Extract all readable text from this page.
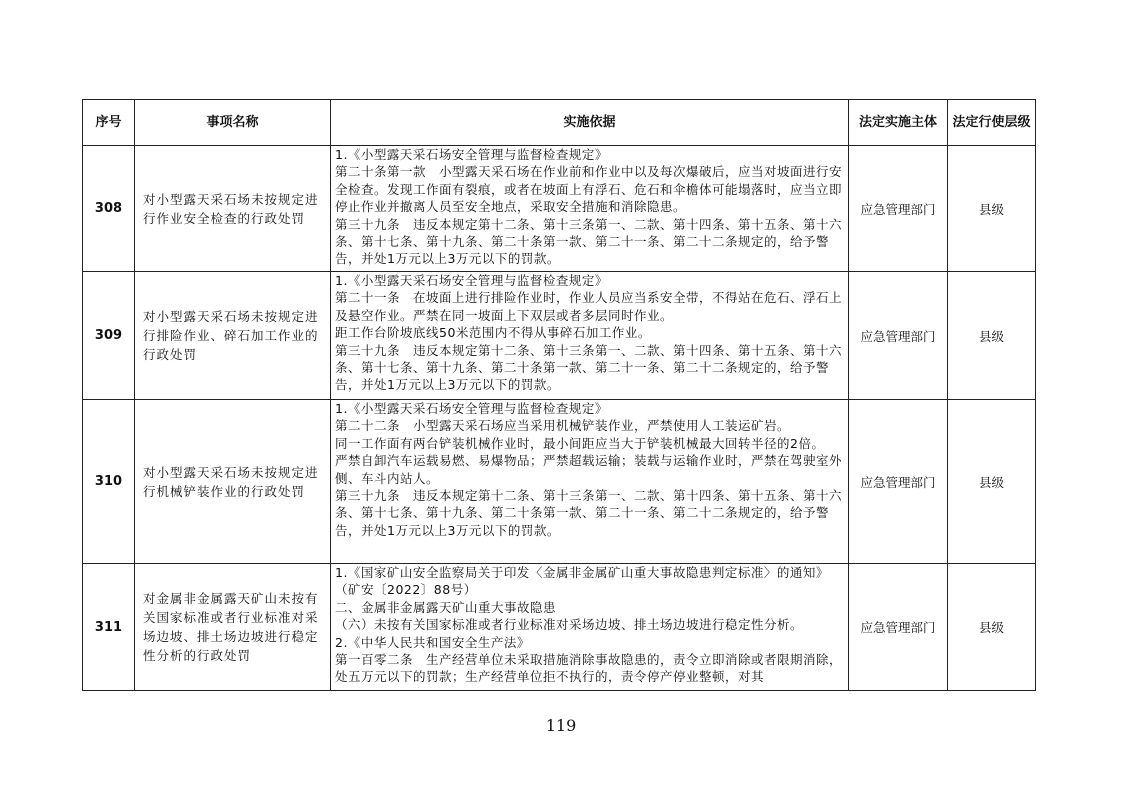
序号	事项名称	实施依据	法定实施主体	法定行使层级
308	对小型露天采石场未按规定进行作业安全检查的行政处罚	1.《小型露天采石场安全管理与监督检查规定》

第二十条第一款　小型露天采石场在作业前和作业中以及每次爆破后，应当对坡面进行安全检查。发现工作面有裂痕，或者在坡面上有浮石、危石和伞檐体可能塌落时，应当立即停止作业并撤离人员至安全地点，采取安全措施和消除隐患。

第三十九条　违反本规定第十二条、第十三条第一、二款、第十四条、第十五条、第十六条、第十七条、第十九条、第二十条第一款、第二十一条、第二十二条规定的，给予警告，并处1万元以上3万元以下的罚款。	应急管理部门	县级
309	对小型露天采石场未按规定进行排险作业、碎石加工作业的行政处罚	1.《小型露天采石场安全管理与监督检查规定》

第二十一条　在坡面上进行排险作业时，作业人员应当系安全带，不得站在危石、浮石上及悬空作业。严禁在同一坡面上下双层或者多层同时作业。

距工作台阶坡底线50米范围内不得从事碎石加工作业。

第三十九条　违反本规定第十二条、第十三条第一、二款、第十四条、第十五条、第十六条、第十七条、第十九条、第二十条第一款、第二十一条、第二十二条规定的，给予警告，并处1万元以上3万元以下的罚款。	应急管理部门	县级
310	对小型露天采石场未按规定进行机械铲装作业的行政处罚	1.《小型露天采石场安全管理与监督检查规定》

第二十二条　小型露天采石场应当采用机械铲装作业，严禁使用人工装运矿岩。

同一工作面有两台铲装机械作业时，最小间距应当大于铲装机械最大回转半径的2倍。

严禁自卸汽车运载易燃、易爆物品；严禁超载运输；装载与运输作业时，严禁在驾驶室外侧、车斗内站人。

第三十九条　违反本规定第十二条、第十三条第一、二款、第十四条、第十五条、第十六条、第十七条、第十九条、第二十条第一款、第二十一条、第二十二条规定的，给予警告，并处1万元以上3万元以下的罚款。	应急管理部门	县级
311	对金属非金属露天矿山未按有关国家标准或者行业标准对采场边坡、排土场边坡进行稳定性分析的行政处罚	1.《国家矿山安全监察局关于印发〈金属非金属矿山重大事故隐患判定标准〉的通知》（矿安〔2022〕88号）

二、金属非金属露天矿山重大事故隐患

（六）未按有关国家标准或者行业标准对采场边坡、排土场边坡进行稳定性分析。

2.《中华人民共和国安全生产法》

第一百零二条　生产经营单位未采取措施消除事故隐患的，责令立即消除或者限期消除，处五万元以下的罚款；生产经营单位拒不执行的，责令停产停业整顿，对其	应急管理部门	县级
119
